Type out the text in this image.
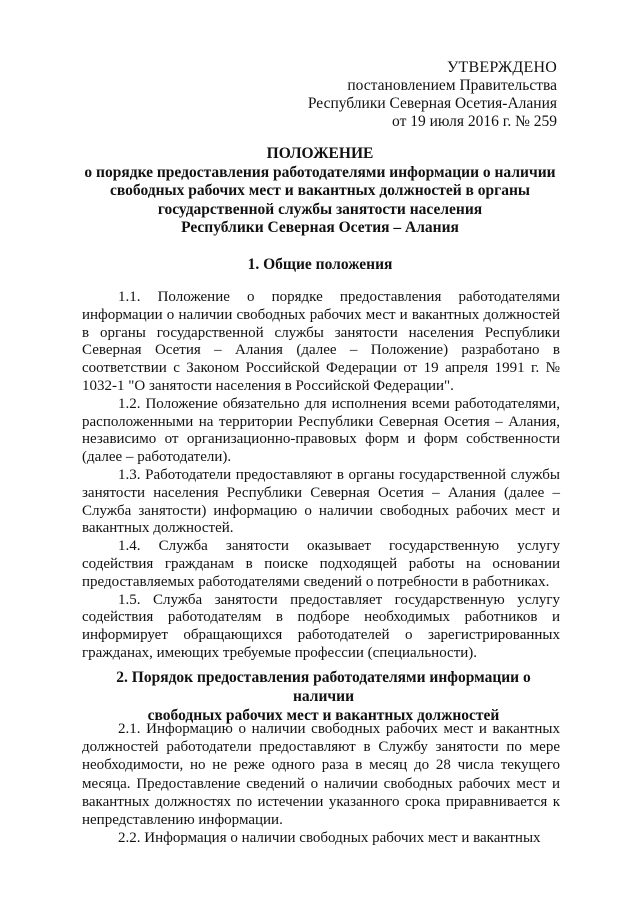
УТВЕРЖДЕНО
постановлением Правительства
Республики Северная Осетия-Алания
от 19 июля 2016 г. № 259
ПОЛОЖЕНИЕ
о порядке предоставления работодателями информации о наличии
свободных рабочих мест и вакантных должностей в органы
государственной службы занятости населения
Республики Северная Осетия – Алания
1. Общие положения

1.1. Положение о порядке предоставления работодателями информации о наличии свободных рабочих мест и вакантных должностей в органы государственной службы занятости населения Республики Северная Осетия – Алания (далее – Положение) разработано в соответствии с Законом Российской Федерации от 19 апреля 1991 г. № 1032-1 "О занятости населения в Российской Федерации".

1.2. Положение обязательно для исполнения всеми работодателями, расположенными на территории Республики Северная Осетия – Алания, независимо от организационно-правовых форм и форм собственности (далее – работодатели).

1.3. Работодатели предоставляют в органы государственной службы занятости населения Республики Северная Осетия – Алания (далее – Служба занятости) информацию о наличии свободных рабочих мест и вакантных должностей.

1.4. Служба занятости оказывает государственную услугу содействия гражданам в поиске подходящей работы на основании предоставляемых работодателями сведений о потребности в работниках.

1.5. Служба занятости предоставляет государственную услугу содействия работодателям в подборе необходимых работников и информирует обращающихся работодателей о зарегистрированных гражданах, имеющих требуемые профессии (специальности).

2. Порядок предоставления работодателями информации о наличии
свободных рабочих мест и вакантных должностей

2.1. Информацию о наличии свободных рабочих мест и вакантных должностей работодатели предоставляют в Службу занятости по мере необходимости, но не реже одного раза в месяц до 28 числа текущего месяца. Предоставление сведений о наличии свободных рабочих мест и вакантных должностях по истечении указанного срока приравнивается к непредставлению информации.

2.2. Информация о наличии свободных рабочих мест и вакантных
